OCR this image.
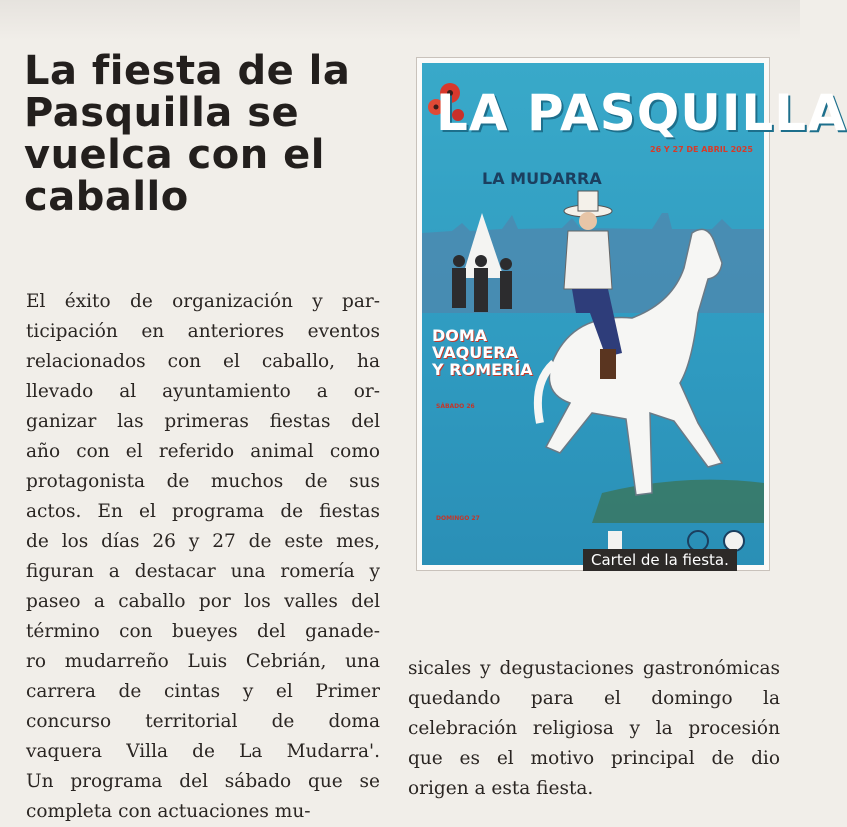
La fiesta de la Pasquilla se vuelca con el caballo
El éxito de organización y par-
ticipación en anteriores eventos
relacionados con el caballo, ha
llevado al ayuntamiento a or-
ganizar las primeras fiestas del
año con el referido animal como
protagonista de muchos de sus
actos. En el programa de fiestas
de los días 26 y 27 de este mes,
figuran a destacar una romería y
paseo a caballo por los valles del
término con bueyes del ganade-
ro mudarreño Luis Cebrián, una
carrera de cintas y el Primer
concurso territorial de doma
vaquera Villa de La Mudarra'.
Un programa del sábado que se
completa con actuaciones mu-
sicales y degustaciones gastronómicas quedando para el domingo la celebración religiosa y la procesión que es el motivo principal de dio origen a esta fiesta.
LA PASQUILLA
26 Y 27 DE ABRIL 2025
LA MUDARRA
DOMA
VAQUERA
Y ROMERÍA
SÁBADO 26
DOMINGO 27
Cartel de la fiesta.
